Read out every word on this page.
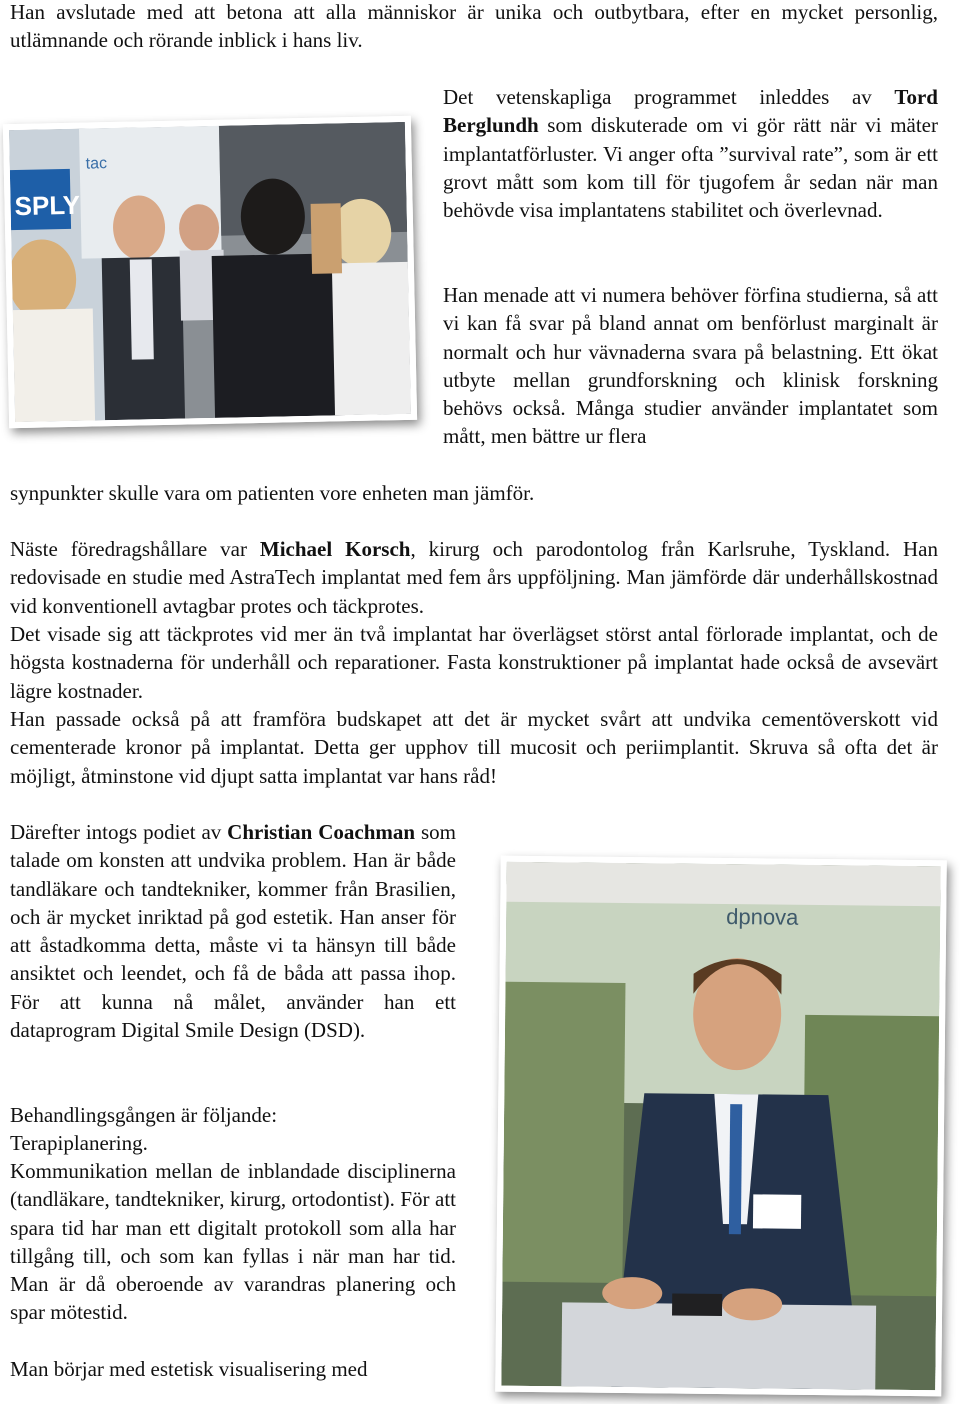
Han avslutade med att betona att alla människor är unika och outbytbara, efter en mycket personlig, utlämnande och rörande inblick i hans liv.

SPLY
tac

Det vetenskapliga programmet inleddes av Tord Berglundh som diskuterade om vi gör rätt när vi mäter implantatförluster. Vi anger ofta ”survival rate”, som är ett grovt mått som kom till för tjugofem år sedan när man behövde visa implantatens stabilitet och överlevnad.

Han menade att vi numera behöver förfina studierna, så att vi kan få svar på bland annat om benförlust marginalt är normalt och hur vävnaderna svara på belastning. Ett ökat utbyte mellan grundforskning och klinisk forskning behövs också. Många studier använder implantatet som mått, men bättre ur flera

synpunkter skulle vara om patienten vore enheten man jämför.

Näste föredragshållare var Michael Korsch, kirurg och parodontolog från Karlsruhe, Tyskland. Han redovisade en studie med AstraTech implantat med fem års uppföljning. Man jämförde där underhållskostnad vid konventionell avtagbar protes och täckprotes.

Det visade sig att täckprotes vid mer än två implantat har överlägset störst antal förlorade implantat, och de högsta kostnaderna för underhåll och reparationer. Fasta konstruktioner på implantat hade också de avsevärt lägre kostnader.

Han passade också på att framföra budskapet att det är mycket svårt att undvika cementöverskott vid cementerade kronor på implantat. Detta ger upphov till mucosit och periimplantit. Skruva så ofta det är möjligt, åtminstone vid djupt satta implantat var hans råd!

Därefter intogs podiet av Christian Coachman som talade om konsten att undvika problem. Han är både tandläkare och tandtekniker, kommer från Brasilien, och är mycket inriktad på god estetik. Han anser för att åstadkomma detta, måste vi ta hänsyn till både ansiktet och leendet, och få de båda att passa ihop. För att kunna nå målet, använder han ett dataprogram Digital Smile Design (DSD).

Behandlingsgången är följande:

Terapiplanering.

Kommunikation mellan de inblandade disciplinerna (tandläkare, tandtekniker, kirurg, ortodontist). För att spara tid har man ett digitalt protokoll som alla har tillgång till, och som kan fyllas i när man har tid. Man är då oberoende av varandras planering och spar mötestid.

Man börjar med estetisk visualisering med

dpnova
